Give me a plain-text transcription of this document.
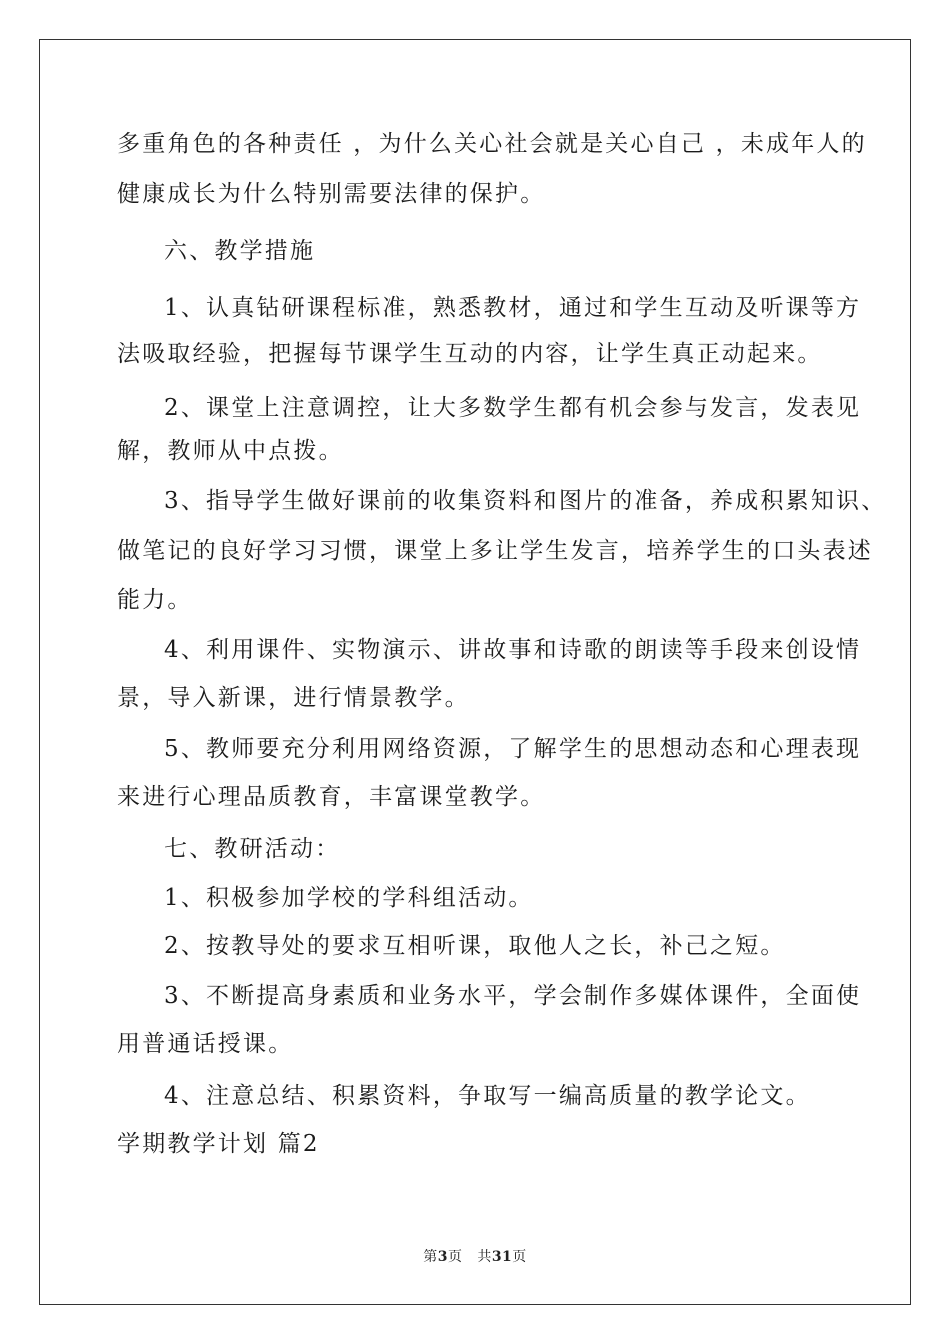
多重角色的各种责任 ，为什么关心社会就是关心自己 ，未成年人的
健康成长为什么特别需要法律的保护。
六、教学措施
1、认真钻研课程标准，熟悉教材，通过和学生互动及听课等方
法吸取经验，把握每节课学生互动的内容，让学生真正动起来。
2、课堂上注意调控，让大多数学生都有机会参与发言，发表见
解，教师从中点拨。
3、指导学生做好课前的收集资料和图片的准备，养成积累知识、
做笔记的良好学习习惯，课堂上多让学生发言，培养学生的口头表述
能力。
4、利用课件、实物演示、讲故事和诗歌的朗读等手段来创设情
景，导入新课，进行情景教学。
5、教师要充分利用网络资源，了解学生的思想动态和心理表现
来进行心理品质教育，丰富课堂教学。
七、教研活动：
1、积极参加学校的学科组活动。
2、按教导处的要求互相听课，取他人之长，补己之短。
3、不断提高身素质和业务水平，学会制作多媒体课件，全面使
用普通话授课。
4、注意总结、积累资料，争取写一编高质量的教学论文。
学期教学计划 篇2
第3页 共31页
